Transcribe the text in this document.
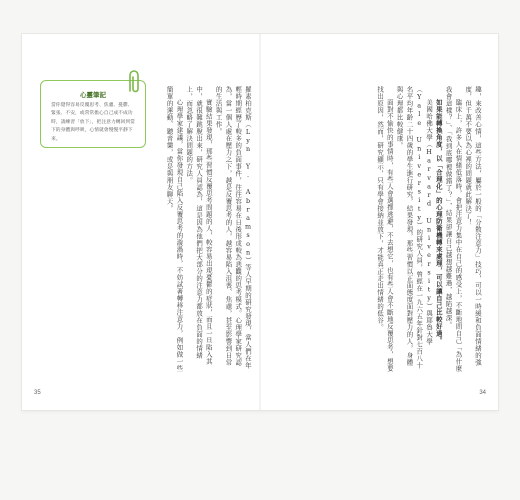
心靈筆記
當你覺得容易反覆思考、焦慮、憂鬱、緊張、不安，或常常擔心自己成不成功時，請練習「放下」，把注意力轉回到當下的身體與呼吸，心情就會慢慢平靜下來。	羅素柏克斯（Lyn Y. Abramson）等人早期的研究發現，當人們在年輕時期經歷了較多的負面事件，往往容易在日後形成較為悲觀的思考模式。心理學家研究認為，當一個人處在壓力之下，越是反覆思考的人，越容易陷入沮喪、焦慮，甚至影響到日常的生活與工作。

實驗結果發現，那些習慣反覆思考問題的人，較容易出現憂鬱的症狀，而且一旦陷入其中，就很難跳脫出來，研究人員認為，這是因為他們把大部分的注意力都放在負面的情緒上，而忽略了解決問題的方法。

心理學家建議，當你發現自己陷入反覆思考的漩渦時，不妨試著轉移注意力，例如做一些簡單的運動、聽音樂，或是與朋友聊天。

35

趣，來改善心情，這些方法，屬於一般的「分散注意力」技巧，可以一時緩和負面情緒的強度，但千萬不要以為心裡的問題就此解決了！

臨床上，許多人在情緒低落時，會把注意力集中在自己的感受上，不斷地問自己「為什麼我會這樣？」、「我到底哪裡做錯了？」，結果卻讓自己越想越難過，越陷越深。

如果能轉換角度，以「合理化」的心理防衛機轉來處理，可以讓自己比較好過。

美國哈佛大學（Harvard University）與耶魯大學（Yale University）的研究人員，曾經在一九六五年針對七百八十名平均年齡二十四歲的學生進行研究，結果發現，那些習慣以正面態度面對壓力的人，身體與心理都比較健康。

面對不愉快的事情時，有些人會選擇逃避，不去想它，也有些人會不斷地反覆思考，想要找出原因，然而，研究顯示，只有學會接納並放下，才能真正走出情緒的低谷。

34
